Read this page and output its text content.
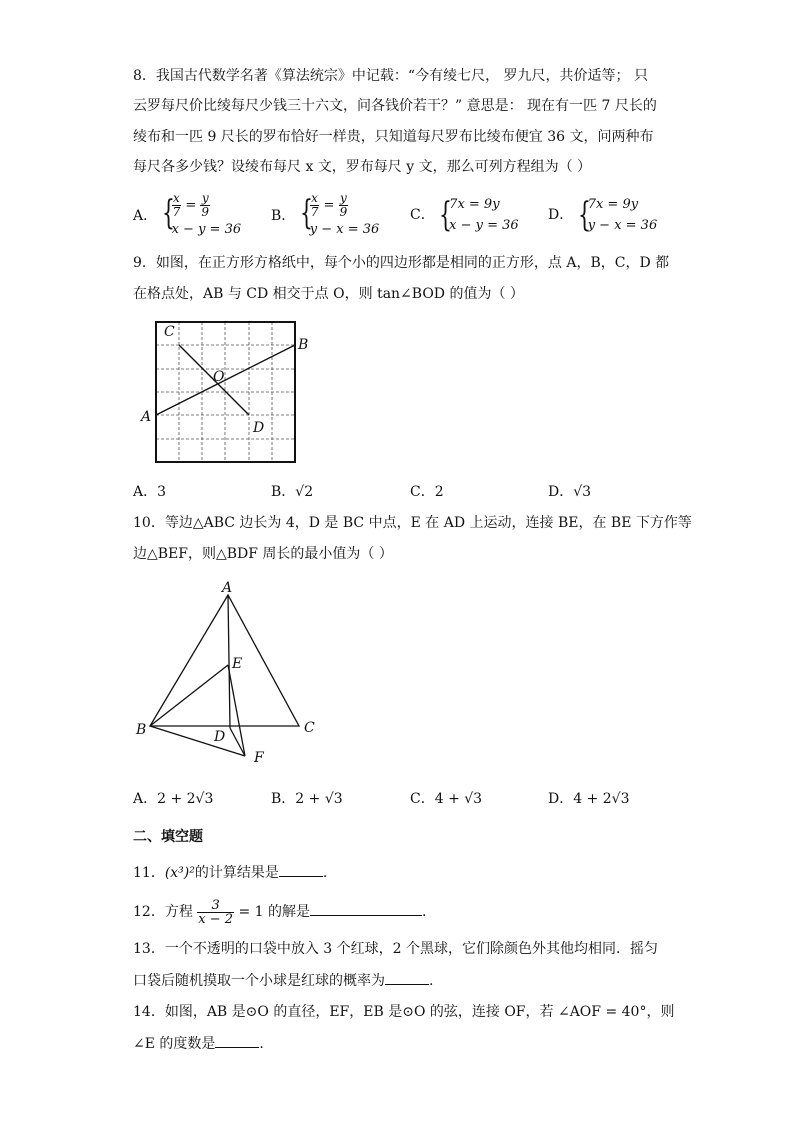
8．我国古代数学名著《算法统宗》中记载：“今有绫七尺， 罗九尺，共价适等； 只
云罗每尺价比绫每尺少钱三十六文，问各钱价若干？” 意思是： 现在有一匹 7 尺长的
绫布和一匹 9 尺长的罗布恰好一样贵，只知道每尺罗布比绫布便宜 36 文，问两种布
每尺各多少钱？设绫布每尺 x 文，罗布每尺 y 文，那么可列方程组为（ ）
A． {
$\frac{x}{7} = \frac{y}{9}$
x − y = 36
B． {
$\frac{x}{7} = \frac{y}{9}$
y − x = 36
C． {
7x = 9y
x − y = 36
D． {
7x = 9y
y − x = 36
9．如图，在正方形方格纸中，每个小的四边形都是相同的正方形，点 A，B，C，D 都
在格点处，AB 与 CD 相交于点 O，则 tan∠BOD 的值为（ ）
C
B
O
A
D
A．3	B．√2	C．2	D．√3
10．等边△ABC 边长为 4，D 是 BC 中点，E 在 AD 上运动，连接 BE，在 BE 下方作等
边△BEF，则△BDF 周长的最小值为（ ）
A
E
B	C
D
F
A．2 + 2√3	B．2 + √3	C．4 + √3	D．4 + 2√3
二、填空题
11．(x³)²的计算结果是	.
12．方程 $\frac{3}{x - 2} = 1$ 的解是	.
13．一个不透明的口袋中放入 3 个红球，2 个黑球，它们除颜色外其他均相同．摇匀
口袋后随机摸取一个小球是红球的概率为	.
14．如图，AB 是⊙O 的直径，EF，EB 是⊙O 的弦，连接 OF，若 ∠AOF = 40°，则
∠E 的度数是	.
